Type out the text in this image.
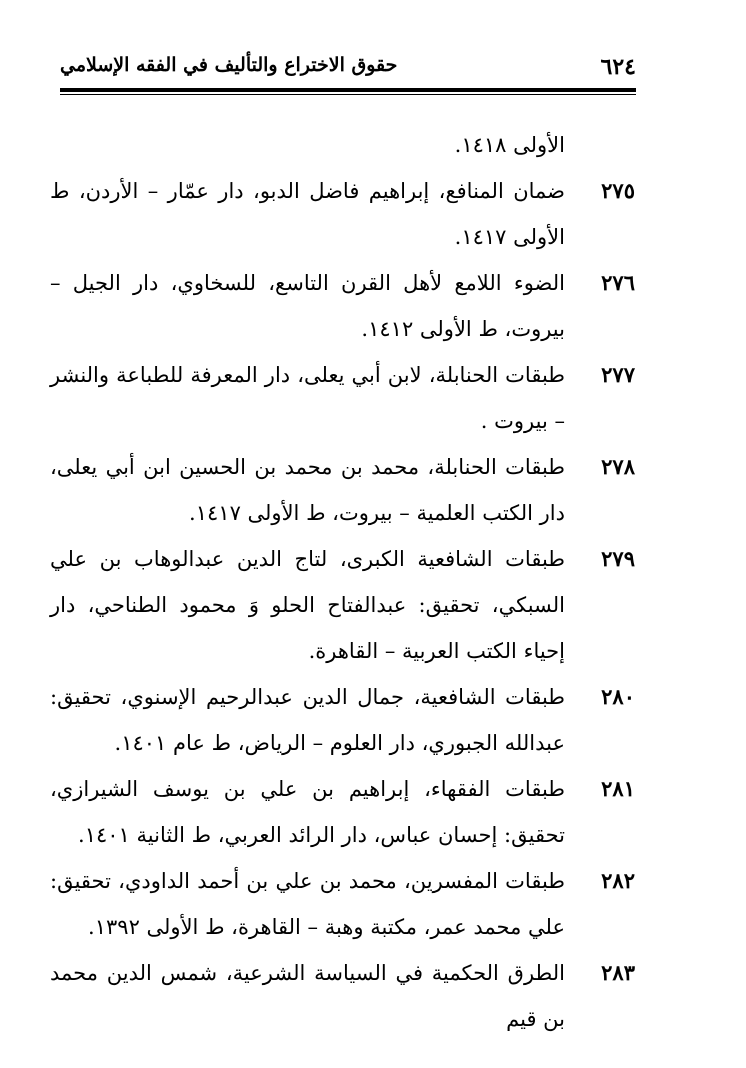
٦٢٤
حقوق الاختراع والتأليف في الفقه الإسلامي
الأولى ١٤١٨.
٢٧٥
ضمان المنافع، إبراهيم فاضل الدبو، دار عمّار – الأردن، ط الأولى ١٤١٧.
٢٧٦
الضوء اللامع لأهل القرن التاسع، للسخاوي، دار الجيل – بيروت، ط الأولى ١٤١٢.
٢٧٧
طبقات الحنابلة، لابن أبي يعلى، دار المعرفة للطباعة والنشر – بيروت .
٢٧٨
طبقات الحنابلة، محمد بن محمد بن الحسين ابن أبي يعلى، دار الكتب العلمية – بيروت، ط الأولى ١٤١٧.
٢٧٩
طبقات الشافعية الكبرى، لتاج الدين عبدالوهاب بن علي السبكي، تحقيق: عبدالفتاح الحلو وَ محمود الطناحي، دار إحياء الكتب العربية – القاهرة.
٢٨٠
طبقات الشافعية، جمال الدين عبدالرحيم الإسنوي، تحقيق: عبدالله الجبوري، دار العلوم – الرياض، ط عام ١٤٠١.
٢٨١
طبقات الفقهاء، إبراهيم بن علي بن يوسف الشيرازي، تحقيق: إحسان عباس، دار الرائد العربي، ط الثانية ١٤٠١.
٢٨٢
طبقات المفسرين، محمد بن علي بن أحمد الداودي، تحقيق: علي محمد عمر، مكتبة وهبة – القاهرة، ط الأولى ١٣٩٢.
٢٨٣
الطرق الحكمية في السياسة الشرعية، شمس الدين محمد بن قيم
